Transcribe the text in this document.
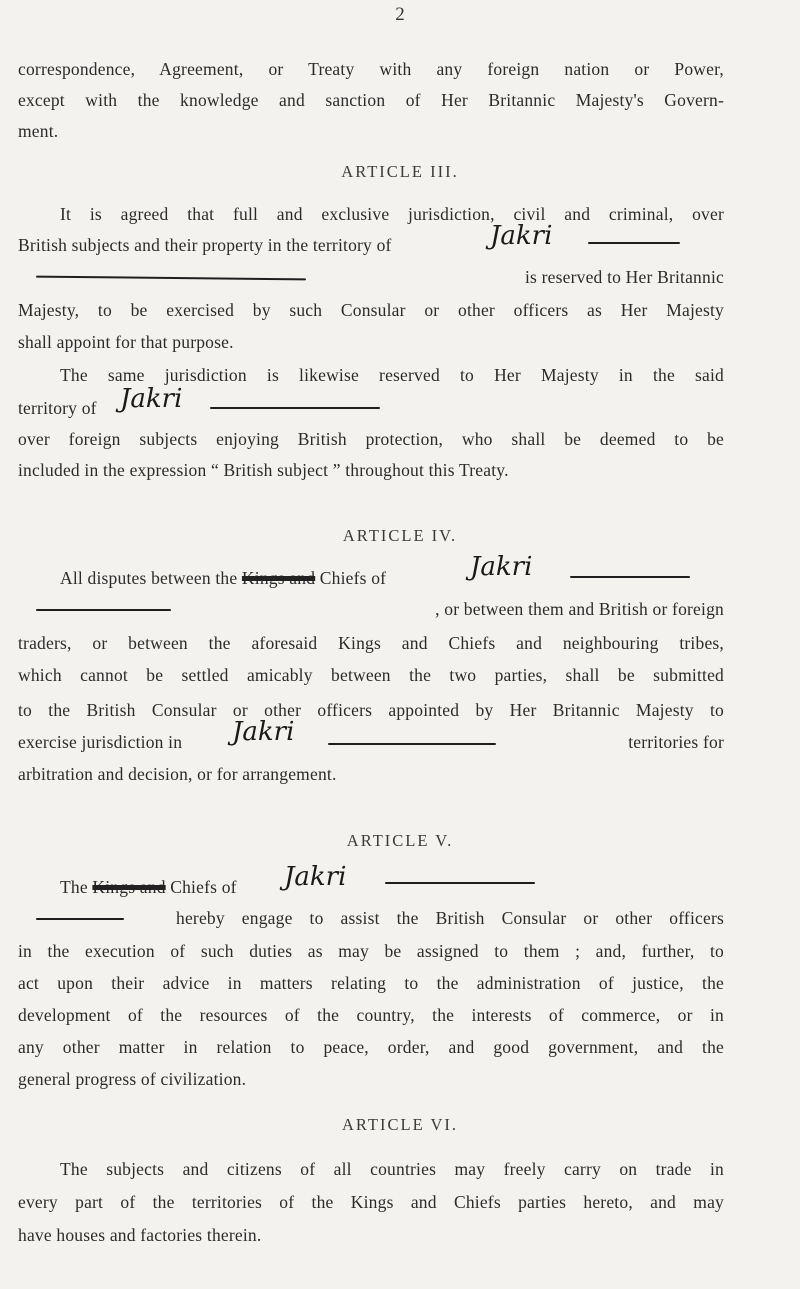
2
correspondence, Agreement, or Treaty with any foreign nation or Power,
except with the knowledge and sanction of Her Britannic Majesty's Govern-
ment.
ARTICLE III.
It is agreed that full and exclusive jurisdiction, civil and criminal, over
British subjects and their property in the territory of	Jakri
is reserved to Her Britannic
Majesty, to be exercised by such Consular or other officers as Her Majesty
shall appoint for that purpose.
The same jurisdiction is likewise reserved to Her Majesty in the said
territory of Jakri
over foreign subjects enjoying British protection, who shall be deemed to be
included in the expression “ British subject ” throughout this Treaty.
ARTICLE IV.
All disputes between the Kings and Chiefs of	Jakri
, or between them and British or foreign
traders, or between the aforesaid Kings and Chiefs and neighbouring tribes,
which cannot be settled amicably between the two parties, shall be submitted
to the British Consular or other officers appointed by Her Britannic Majesty to
exercise jurisdiction in	Jakri	territories for
arbitration and decision, or for arrangement.
ARTICLE V.
The Kings and Chiefs of	Jakri
hereby engage to assist the British Consular or other officers
in the execution of such duties as may be assigned to them ; and, further, to
act upon their advice in matters relating to the administration of justice, the
development of the resources of the country, the interests of commerce, or in
any other matter in relation to peace, order, and good government, and the
general progress of civilization.
ARTICLE VI.
The subjects and citizens of all countries may freely carry on trade in
every part of the territories of the Kings and Chiefs parties hereto, and may
have houses and factories therein.
